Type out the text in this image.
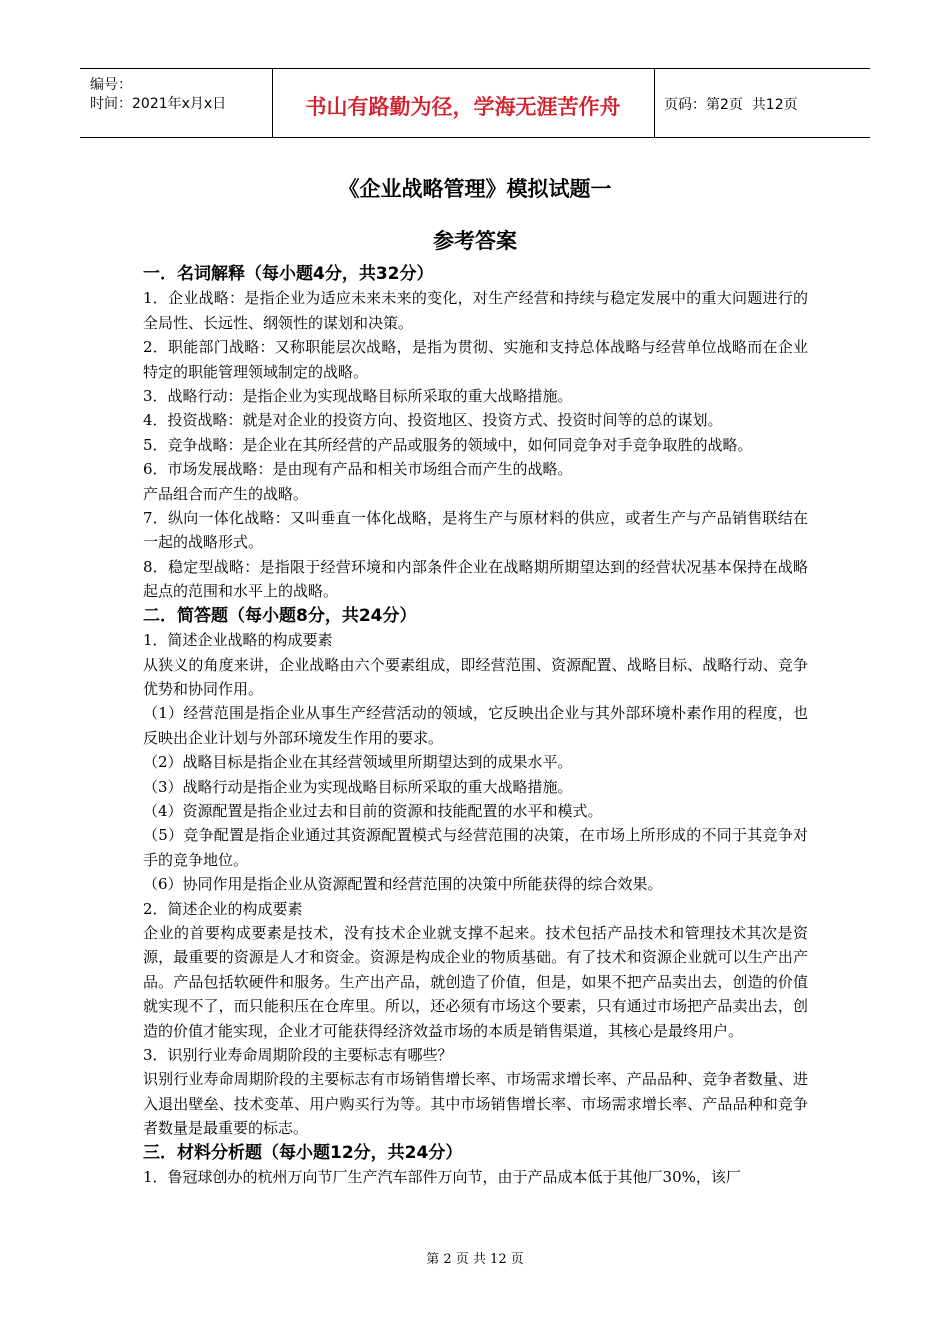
编号：
时间：2021年x月x日	书山有路勤为径，学海无涯苦作舟	页码：第2页  共12页
《企业战略管理》模拟试题一
参考答案
一．名词解释（每小题4分，共32分）

1．企业战略：是指企业为适应未来未来的变化，对生产经营和持续与稳定发展中的重大问题进行的全局性、长远性、纲领性的谋划和决策。

2．职能部门战略：又称职能层次战略，是指为贯彻、实施和支持总体战略与经营单位战略而在企业特定的职能管理领域制定的战略。

3．战略行动：是指企业为实现战略目标所采取的重大战略措施。

4．投资战略：就是对企业的投资方向、投资地区、投资方式、投资时间等的总的谋划。

5．竞争战略：是企业在其所经营的产品或服务的领域中，如何同竞争对手竞争取胜的战略。

6．市场发展战略：是由现有产品和相关市场组合而产生的战略。

产品组合而产生的战略。

7．纵向一体化战略：又叫垂直一体化战略，是将生产与原材料的供应，或者生产与产品销售联结在一起的战略形式。

8．稳定型战略：是指限于经营环境和内部条件企业在战略期所期望达到的经营状况基本保持在战略起点的范围和水平上的战略。

二．简答题（每小题8分，共24分）

1．简述企业战略的构成要素

从狭义的角度来讲，企业战略由六个要素组成，即经营范围、资源配置、战略目标、战略行动、竞争优势和协同作用。

（1）经营范围是指企业从事生产经营活动的领域，它反映出企业与其外部环境朴素作用的程度，也反映出企业计划与外部环境发生作用的要求。

（2）战略目标是指企业在其经营领域里所期望达到的成果水平。

（3）战略行动是指企业为实现战略目标所采取的重大战略措施。

（4）资源配置是指企业过去和目前的资源和技能配置的水平和模式。

（5）竞争配置是指企业通过其资源配置模式与经营范围的决策，在市场上所形成的不同于其竞争对手的竞争地位。

（6）协同作用是指企业从资源配置和经营范围的决策中所能获得的综合效果。

2．简述企业的构成要素

企业的首要构成要素是技术，没有技术企业就支撑不起来。技术包括产品技术和管理技术其次是资源，最重要的资源是人才和资金。资源是构成企业的物质基础。有了技术和资源企业就可以生产出产品。产品包括软硬件和服务。生产出产品，就创造了价值，但是，如果不把产品卖出去，创造的价值就实现不了，而只能积压在仓库里。所以，还必须有市场这个要素，只有通过市场把产品卖出去，创造的价值才能实现，企业才可能获得经济效益市场的本质是销售渠道，其核心是最终用户。

3．识别行业寿命周期阶段的主要标志有哪些？

识别行业寿命周期阶段的主要标志有市场销售增长率、市场需求增长率、产品品种、竞争者数量、进入退出壁垒、技术变革、用户购买行为等。其中市场销售增长率、市场需求增长率、产品品种和竞争者数量是最重要的标志。

三．材料分析题（每小题12分，共24分）

1．鲁冠球创办的杭州万向节厂生产汽车部件万向节，由于产品成本低于其他厂30%，该厂

第 2 页 共 12 页
